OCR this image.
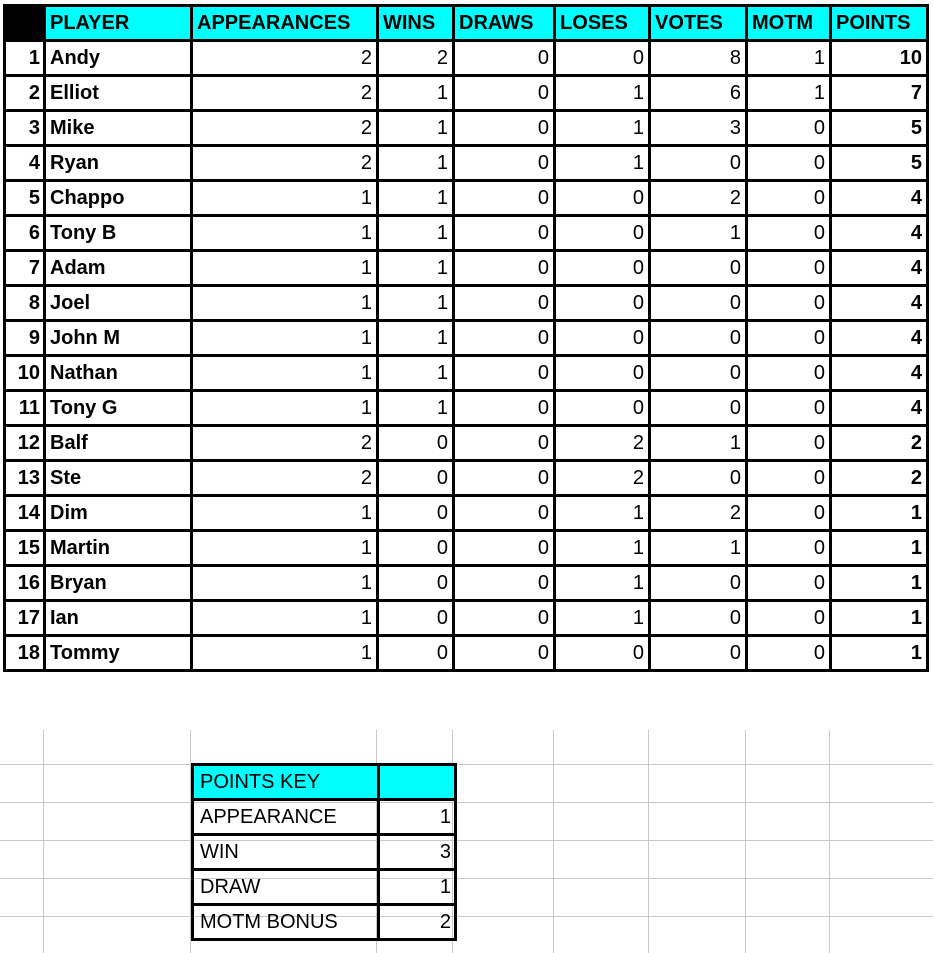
	PLAYER	APPEARANCES	WINS	DRAWS	LOSES	VOTES	MOTM	POINTS
1	Andy	2	2	0	0	8	1	10
2	Elliot	2	1	0	1	6	1	7
3	Mike	2	1	0	1	3	0	5
4	Ryan	2	1	0	1	0	0	5
5	Chappo	1	1	0	0	2	0	4
6	Tony B	1	1	0	0	1	0	4
7	Adam	1	1	0	0	0	0	4
8	Joel	1	1	0	0	0	0	4
9	John M	1	1	0	0	0	0	4
10	Nathan	1	1	0	0	0	0	4
11	Tony G	1	1	0	0	0	0	4
12	Balf	2	0	0	2	1	0	2
13	Ste	2	0	0	2	0	0	2
14	Dim	1	0	0	1	2	0	1
15	Martin	1	0	0	1	1	0	1
16	Bryan	1	0	0	1	0	0	1
17	Ian	1	0	0	1	0	0	1
18	Tommy	1	0	0	0	0	0	1
POINTS KEY	
APPEARANCE	1
WIN	3
DRAW	1
MOTM BONUS	2
